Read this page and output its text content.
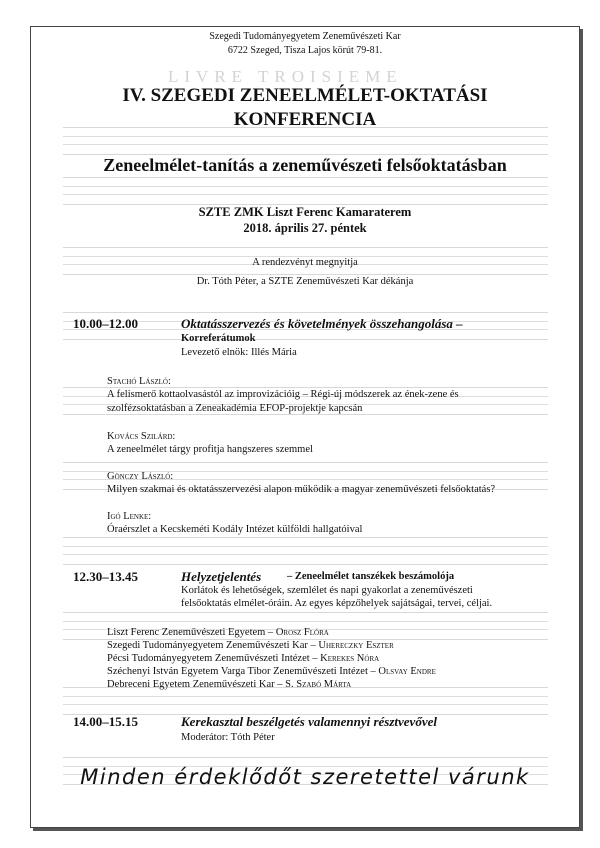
LIVRE TROISIEME
Szegedi Tudományegyetem Zeneművészeti Kar
6722 Szeged, Tisza Lajos körút 79-81.
IV. SZEGEDI ZENEELMÉLET-OKTATÁSI
KONFERENCIA
Zeneelmélet-tanítás a zeneművészeti felsőoktatásban
SZTE ZMK Liszt Ferenc Kamaraterem
2018. április 27. péntek
A rendezvényt megnyitja
Dr. Tóth Péter, a SZTE Zeneművészeti Kar dékánja
10.00–12.00	Oktatásszervezés és követelmények összehangolása –
Korreferátumok
Levezető elnök: Illés Mária
Stachó László:
A felismerő kottaolvasástól az improvizációig – Régi-új módszerek az ének-zene és
szolfézsoktatásban a Zeneakadémia EFOP-projektje kapcsán
Kovács Szilárd:
A zeneelmélet tárgy profitja hangszeres szemmel
Gönczy László:
Milyen szakmai és oktatásszervezési alapon működik a magyar zeneművészeti felsőoktatás?
Igó Lenke:
Óraérszlet a Kecskeméti Kodály Intézet külföldi hallgatóival
12.30–13.45	Helyzetjelentés – Zeneelmélet tanszékek beszámolója
Korlátok és lehetőségek, szemlélet és napi gyakorlat a zeneművészeti
felsőoktatás elmélet-óráin. Az egyes képzőhelyek sajátságai, tervei, céljai.
Liszt Ferenc Zeneművészeti Egyetem – Orosz Flóra
Szegedi Tudományegyetem Zeneművészeti Kar – Uhereczky Eszter
Pécsi Tudományegyetem Zeneművészeti Intézet – Kerekes Nóra
Széchenyi István Egyetem Varga Tibor Zeneművészeti Intézet – Olsvay Endre
Debreceni Egyetem Zeneművészeti Kar – S. Szabó Márta
14.00–15.15	Kerekasztal beszélgetés valamennyi résztvevővel
Moderátor: Tóth Péter
Minden érdeklődőt szeretettel várunk
